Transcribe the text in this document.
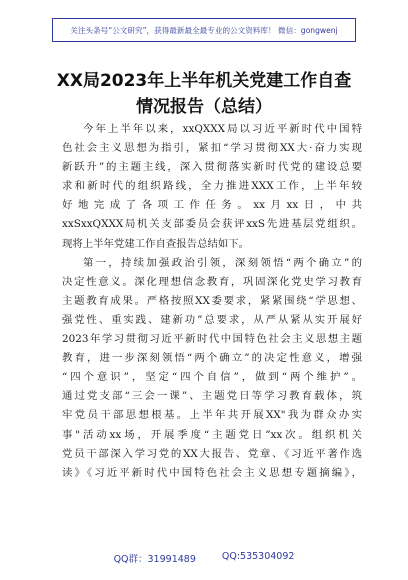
关注头条号“公文研究”，获得最新最全最专业的公文资料库！ 微信：gongwenj
XX局2023年上半年机关党建工作自查
情况报告（总结）
今年上半年以来，xxQXXX局以习近平新时代中国特
色社会主义思想为指引，紧扣“学习贯彻XX大·奋力实现
新跃升”的主题主线，深入贯彻落实新时代党的建设总要
求和新时代的组织路线，全力推进XXX工作，上半年较
好地完成了各项工作任务。xx月xx日，中共
xxSxxQXXX局机关支部委员会获评xxS先进基层党组织。
现将上半年党建工作自查报告总结如下。
第一，持续加强政治引领，深刻领悟“两个确立”的
决定性意义。深化理想信念教育，巩固深化党史学习教育
主题教育成果。严格按照XX委要求，紧紧围绕“学思想、
强党性、重实践、建新功”总要求，从严从紧从实开展好
2023年学习贯彻习近平新时代中国特色社会主义思想主题
教育，进一步深刻领悟“两个确立”的决定性意义，增强
“四个意识”，坚定“四个自信”，做到“两个维护”。
通过党支部“三会一课”、主题党日等学习教育载体，筑
牢党员干部思想根基。上半年共开展XX"我为群众办实
事"活动xx场，开展季度“主题党日”xx次。组织机关
党员干部深入学习党的XX大报告、党章、《习近平著作选
读》《习近平新时代中国特色社会主义思想专题摘编》，
QQ群：31991489	QQ:535304092
